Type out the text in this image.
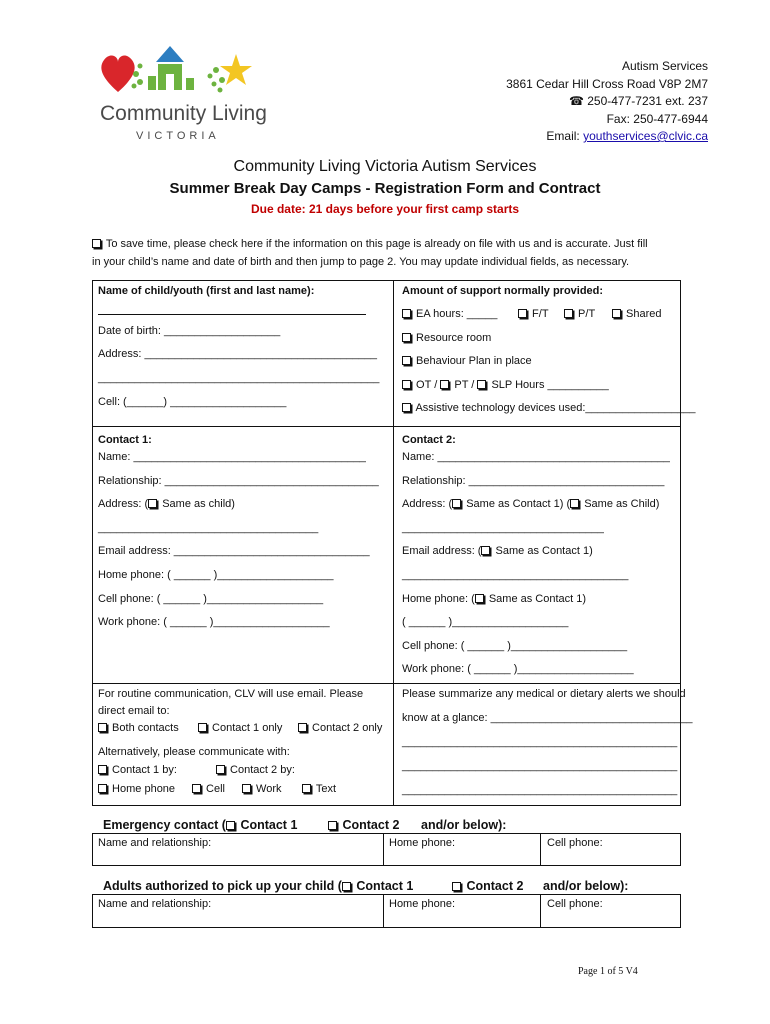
Community Living
VICTORIA
Autism Services
3861 Cedar Hill Cross Road V8P 2M7
☎ 250-477-7231 ext. 237
Fax: 250-477-6944
Email: youthservices@clvic.ca
Community Living Victoria Autism Services
Summer Break Day Camps - Registration Form and Contract
Due date: 21 days before your first camp starts
To save time, please check here if the information on this page is already on file with us and is accurate. Just fill
in your child’s name and date of birth and then jump to page 2. You may update individual fields, as necessary.
Name of child/youth (first and last name):
Date of birth: ___________________
Address: ______________________________________
______________________________________________
Cell: (______) ___________________
Amount of support normally provided:
EA hours: _____	F/T	P/T	Shared
Resource room
Behaviour Plan in place
OT /  PT /  SLP Hours __________
Assistive technology devices used:__________________
Contact 1:
Name: ______________________________________
Relationship: ___________________________________
Address: ( Same as child)
____________________________________
Email address: ________________________________
Home phone: ( ______ )___________________
Cell phone: ( ______ )___________________
Work phone: ( ______ )___________________
Contact 2:
Name: ______________________________________
Relationship: ________________________________
Address: ( Same as Contact 1) ( Same as Child)
_________________________________
Email address: ( Same as Contact 1)
_____________________________________
Home phone: ( Same as Contact 1)
( ______ )___________________
Cell phone: ( ______ )___________________
Work phone: ( ______ )___________________
For routine communication, CLV will use email. Please
direct email to:
Both contacts	Contact 1 only	Contact 2 only
Alternatively, please communicate with:
Contact 1 by:	Contact 2 by:
Home phone	Cell	Work	Text
Please summarize any medical or dietary alerts we should
know at a glance: _________________________________
_____________________________________________
_____________________________________________
_____________________________________________
Emergency contact ( Contact 1	Contact 2 and/or below):
Name and relationship:	Home phone:	Cell phone:
Adults authorized to pick up your child ( Contact 1	Contact 2 and/or below):
Name and relationship:	Home phone:	Cell phone:
Page 1 of 5 V4
